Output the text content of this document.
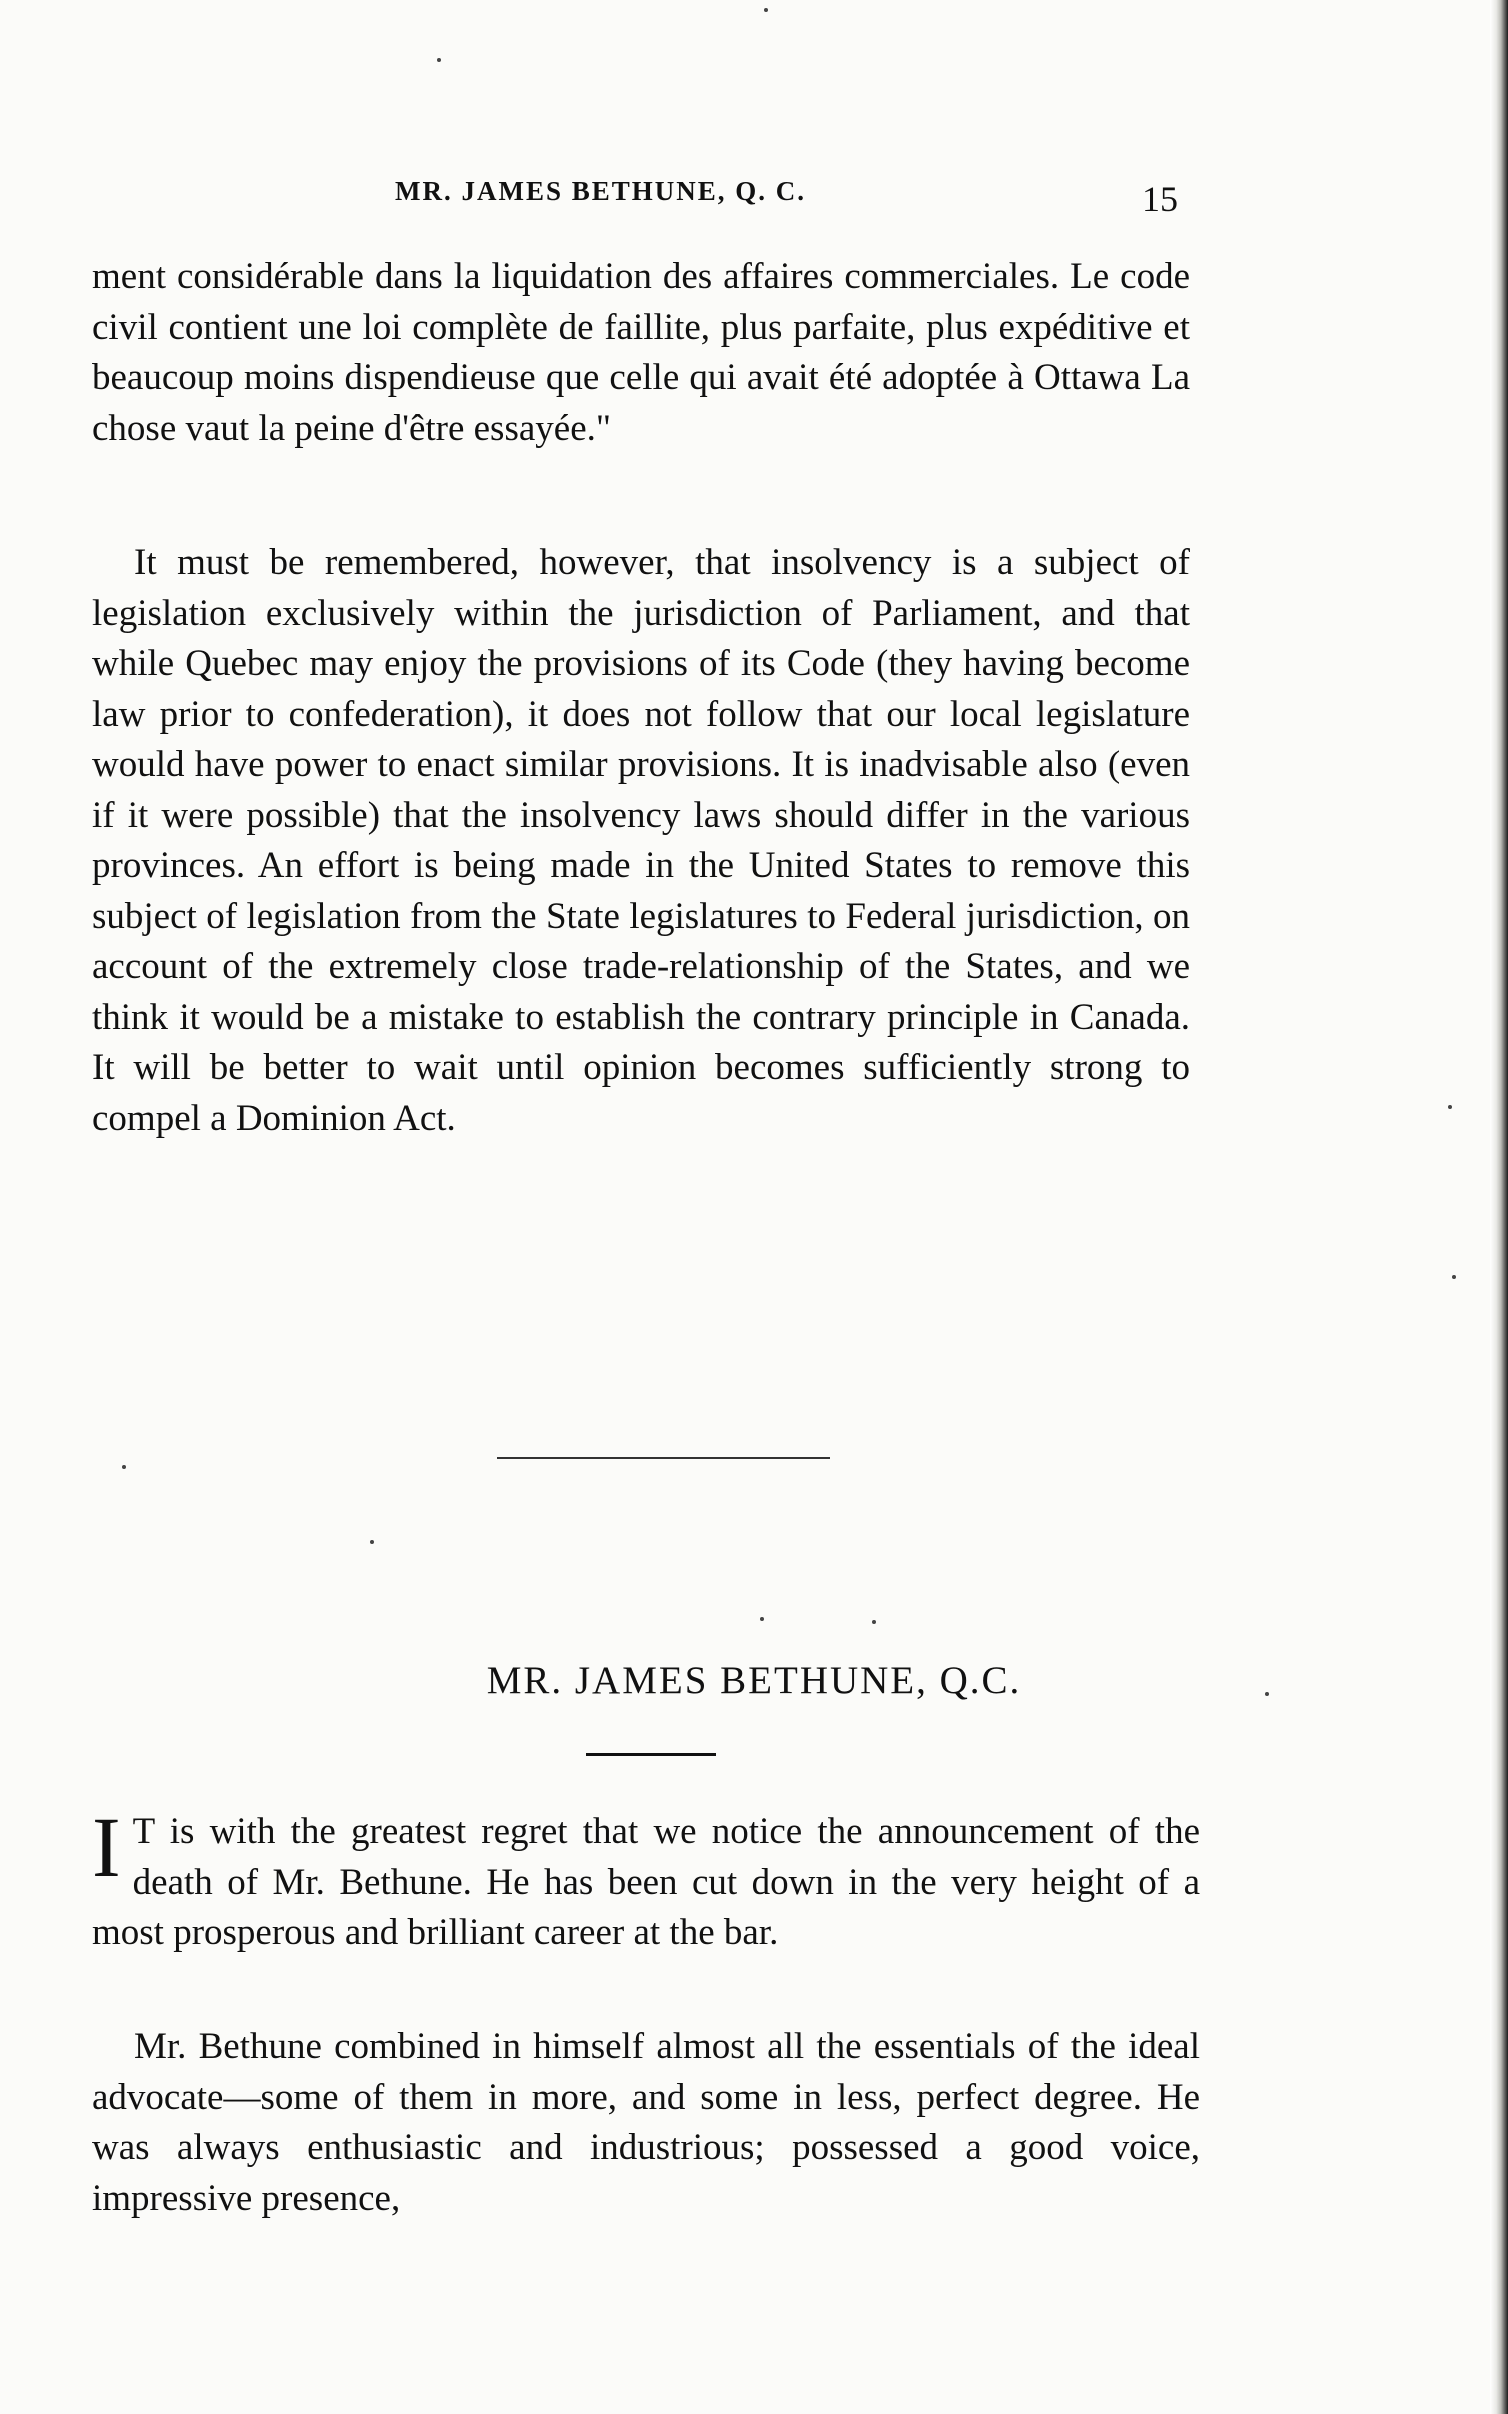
MR. JAMES BETHUNE, Q. C.	15

ment considérable dans la liquidation des affaires commerciales. Le code civil contient une loi complète de faillite, plus parfaite, plus expéditive et beaucoup moins dispendieuse que celle qui avait été adoptée à Ottawa La chose vaut la peine d'être essayée."

It must be remembered, however, that insolvency is a subject of legislation exclusively within the jurisdiction of Parliament, and that while Quebec may enjoy the provisions of its Code (they having become law prior to confederation), it does not follow that our local legislature would have power to enact similar provisions. It is inadvisable also (even if it were possible) that the insolvency laws should differ in the various provinces. An effort is being made in the United States to remove this subject of legislation from the State legislatures to Federal jurisdiction, on account of the extremely close trade-relationship of the States, and we think it would be a mistake to establish the contrary principle in Canada. It will be better to wait until opinion becomes sufficiently strong to compel a Dominion Act.

MR. JAMES BETHUNE, Q.C.

I T is with the greatest regret that we notice the announcement of the death of Mr. Bethune. He has been cut down in the very height of a most prosperous and brilliant career at the bar.

Mr. Bethune combined in himself almost all the essentials of the ideal advocate—some of them in more, and some in less, perfect degree. He was always enthusiastic and industrious; possessed a good voice, impressive presence,
